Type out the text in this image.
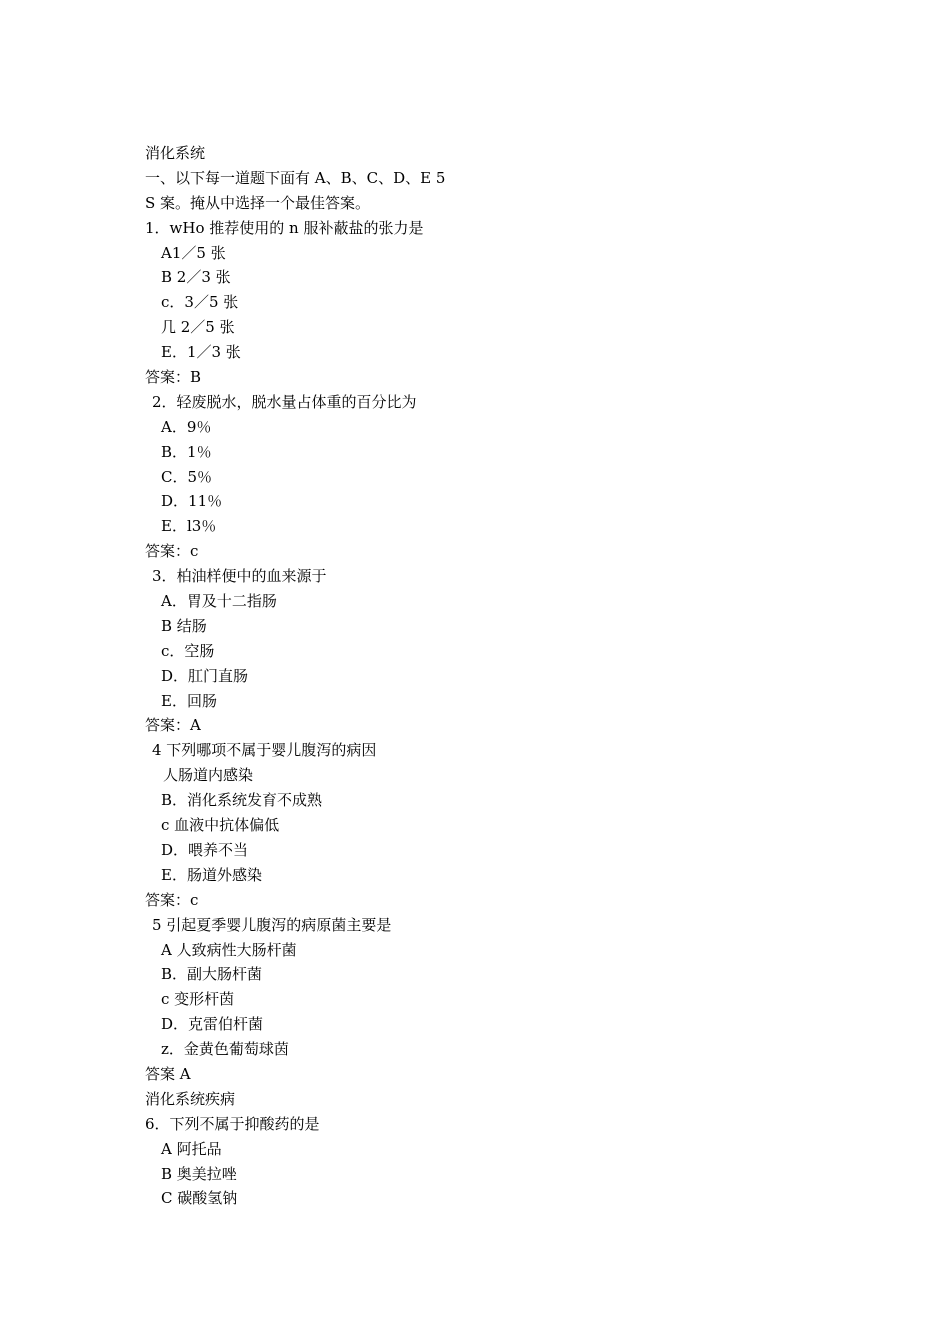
消化系统
一、以下每一道题下面有 A、B、C、D、E 5
S 案。掩从中选择一个最佳答案。
1．wHo 推荐使用的 n 服补蔽盐的张力是
A1／5 张
B 2／3 张
c．3／5 张
几 2／5 张
E．1／3 张
答案：B
2．轻废脱水，脱水量占体重的百分比为
A．9％
B．1％
C．5％
D．11％
E．l3％
答案：c
3．柏油样便中的血来源于
A．胃及十二指肠
B 结肠
c．空肠
D．肛门直肠
E．回肠
答案：A
4 下列哪项不属于婴儿腹泻的病因
人肠道内感染
B．消化系统发育不成熟
c 血液中抗体偏低
D．喂养不当
E．肠道外感染
答案：c
5 引起夏季婴儿腹泻的病原菌主要是
A 人致病性大肠杆菌
B．副大肠杆菌
c 变形杆茵
D．克雷伯杆菌
z．金黄色葡萄球茵
答案 A
消化系统疾病
6．下列不属于抑酸药的是
A 阿托品
B 奥美拉唑
C 碳酸氢钠
